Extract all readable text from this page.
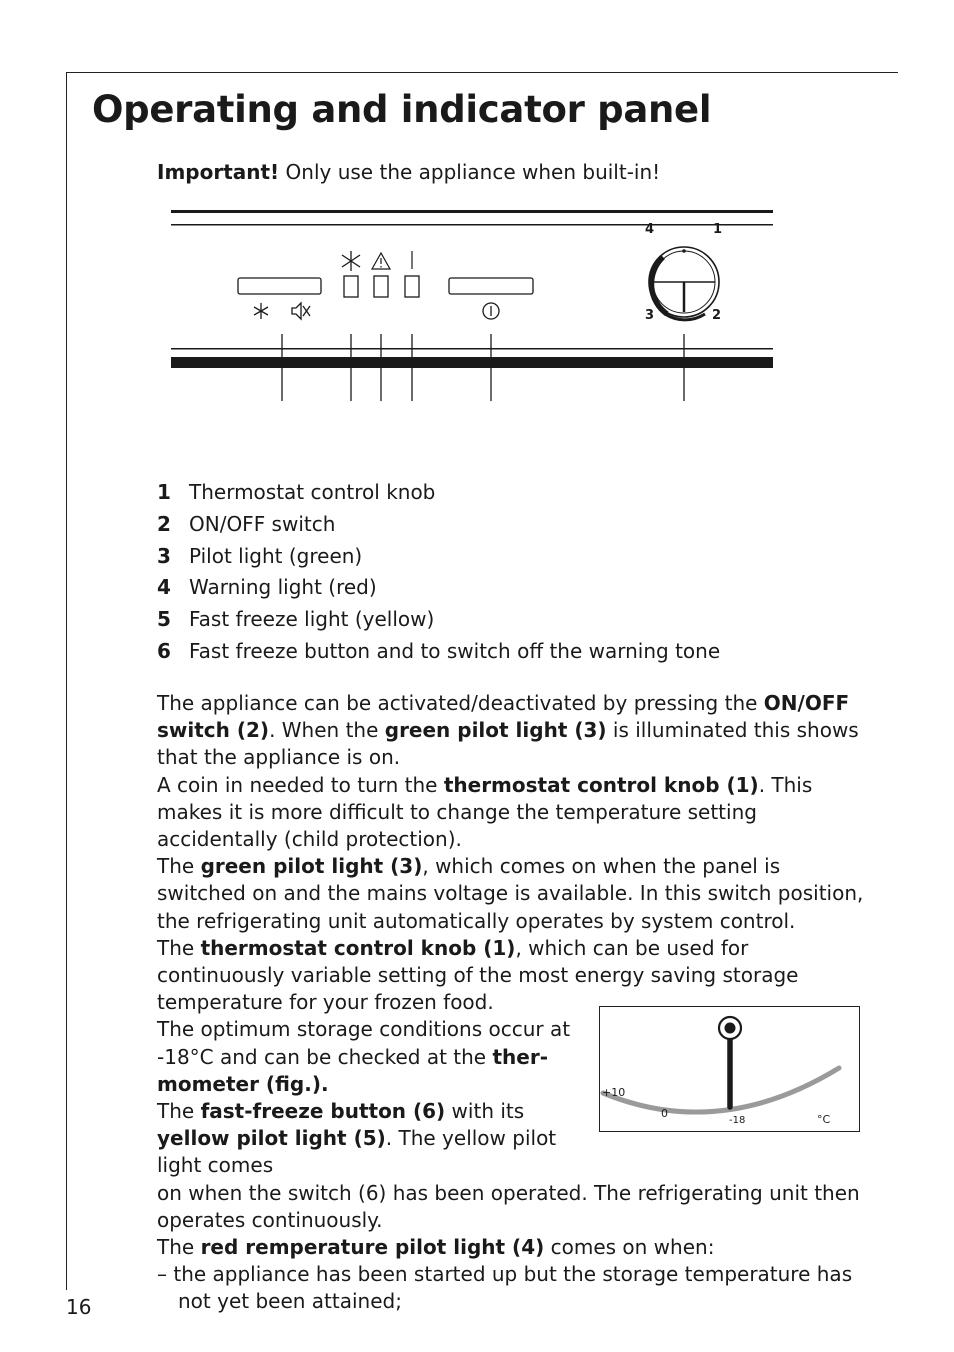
Operating and indicator panel
Important! Only use the appliance when built-in!
4	1
3	2
1 Thermostat control knob
2 ON/OFF switch
3 Pilot light (green)
4 Warning light (red)
5 Fast freeze light (yellow)
6 Fast freeze button and to switch off the warning tone

The appliance can be activated/deactivated by pressing the ON/OFF switch (2). When the green pilot light (3) is illuminated this shows that the appliance is on.

A coin in needed to turn the thermostat control knob (1). This makes it is more difficult to change the temperature setting accidentally (child protection).

The green pilot light (3), which comes on when the panel is switched on and the mains voltage is available. In this switch position, the refrigerating unit automatically operates by system control.

The thermostat control knob (1), which can be used for continuously variable setting of the most energy saving storage temperature for your frozen food.

The optimum storage conditions occur at -18°C and can be checked at the thermometer (fig.).

The fast-freeze button (6) with its yellow pilot light (5). The yellow pilot light comes

on when the switch (6) has been operated. The refrigerating unit then operates continuously.

The red remperature pilot light (4) comes on when:

– the appliance has been started up but the storage temperature has not yet been attained;

+10
0
-18	°C
16
